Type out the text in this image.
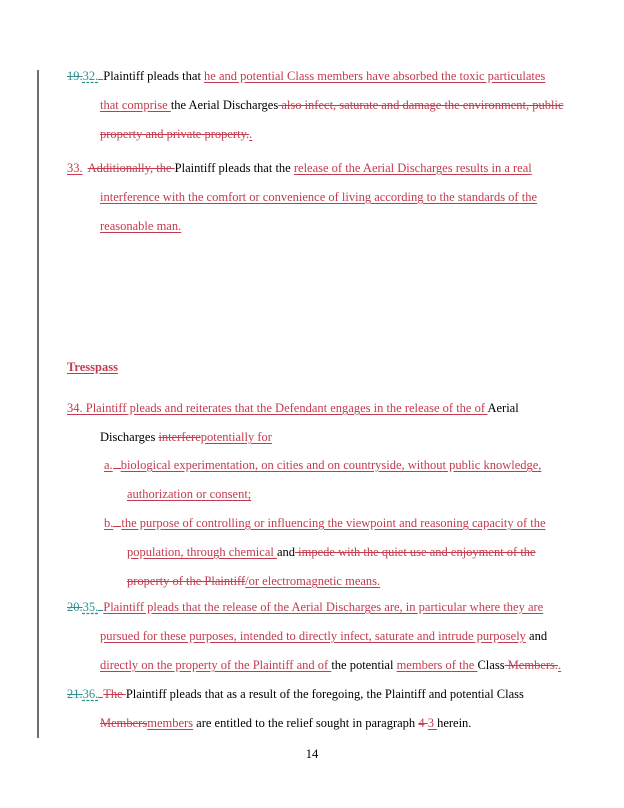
19.32. Plaintiff pleads that he and potential Class members have absorbed the toxic particulates
that comprise the Aerial Discharges also infect, saturate and damage the environment, public
property and private property..
33. Additionally, the Plaintiff pleads that the release of the Aerial Discharges results in a real
interference with the comfort or convenience of living according to the standards of the
reasonable man.
Tresspass
34. Plaintiff pleads and reiterates that the Defendant engages in the release of the of Aerial
Discharges interferepotentially for
a. biological experimentation, on cities and on countryside, without public knowledge,
authorization or consent;
b. the purpose of controlling or influencing the viewpoint and reasoning capacity of the
population, through chemical and impede with the quiet use and enjoyment of the
property of the Plaintiff/or electromagnetic means.
20.35. Plaintiff pleads that the release of the Aerial Discharges are, in particular where they are
pursued for these purposes, intended to directly infect, saturate and intrude purposely and
directly on the property of the Plaintiff and of the potential members of the Class Members..
21.36. The Plaintiff pleads that as a result of the foregoing, the Plaintiff and potential Class
Membersmembers are entitled to the relief sought in paragraph 4 3 herein.
14
